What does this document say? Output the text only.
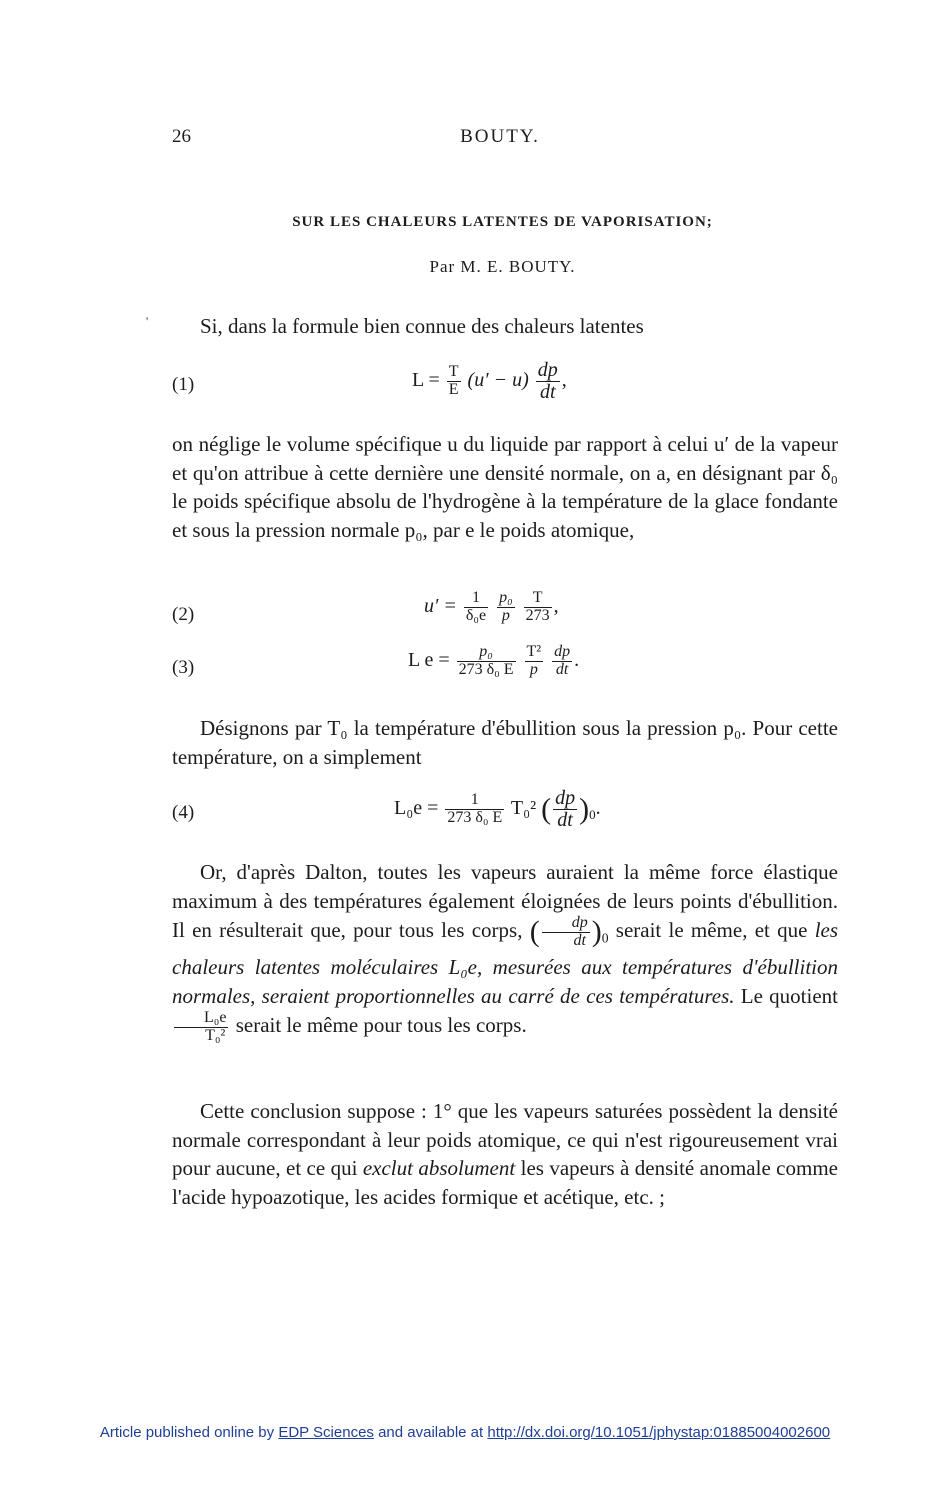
26	BOUTY.
SUR LES CHALEURS LATENTES DE VAPORISATION;
Par M. E. BOUTY.
'	Si, dans la formule bien connue des chaleurs latentes
(1)	$L = \frac{T}{E} (u' - u) \frac{dp}{dt}$ ,
on néglige le volume spécifique u du liquide par rapport à celui u′ de la vapeur et qu'on attribue à cette dernière une densité normale, on a, en désignant par δ₀ le poids spécifique absolu de l'hydrogène à la température de la glace fondante et sous la pression normale p₀, par e le poids atomique,
(2)	$u' = \frac{1}{\text{δ₀e}}$
$\frac{\text{p₀}}{p}$
$\frac{T}{273}$ ,
(3)	L $e = \frac{\text{p₀}}{\text{273 δ₀ E}}$
$\frac{\text{T²}}{p}$
$\frac{dp}{dt}$ .
Désignons par T₀ la température d'ébullition sous la pression p₀. Pour cette température, on a simplement
(4)	$L_0e = \frac{1}{\text{273 δ₀ E}} T_0^2$ ( $\frac{dp}{dt} )_0$.
Or, d'après Dalton, toutes les vapeurs auraient la même force élastique maximum à des températures également éloignées de leurs points d'ébullition. Il en résulterait que, pour tous les corps, ( $\frac{dp}{dt} )_0$ serait le même, et que les chaleurs latentes moléculaires L₀e, mesurées aux températures d'ébullition normales, seraient proportionnelles au carré de ces températures. Le quotient
$\frac{\text{L₀e}}{\text{T₀²}}$ serait le même pour tous les corps.
Cette conclusion suppose : 1° que les vapeurs saturées possèdent la densité normale correspondant à leur poids atomique, ce qui n'est rigoureusement vrai pour aucune, et ce qui exclut absolument les vapeurs à densité anomale comme l'acide hypoazotique, les acides formique et acétique, etc. ;
Article published online by EDP Sciences and available at http://dx.doi.org/10.1051/jphystap:01885004002600
